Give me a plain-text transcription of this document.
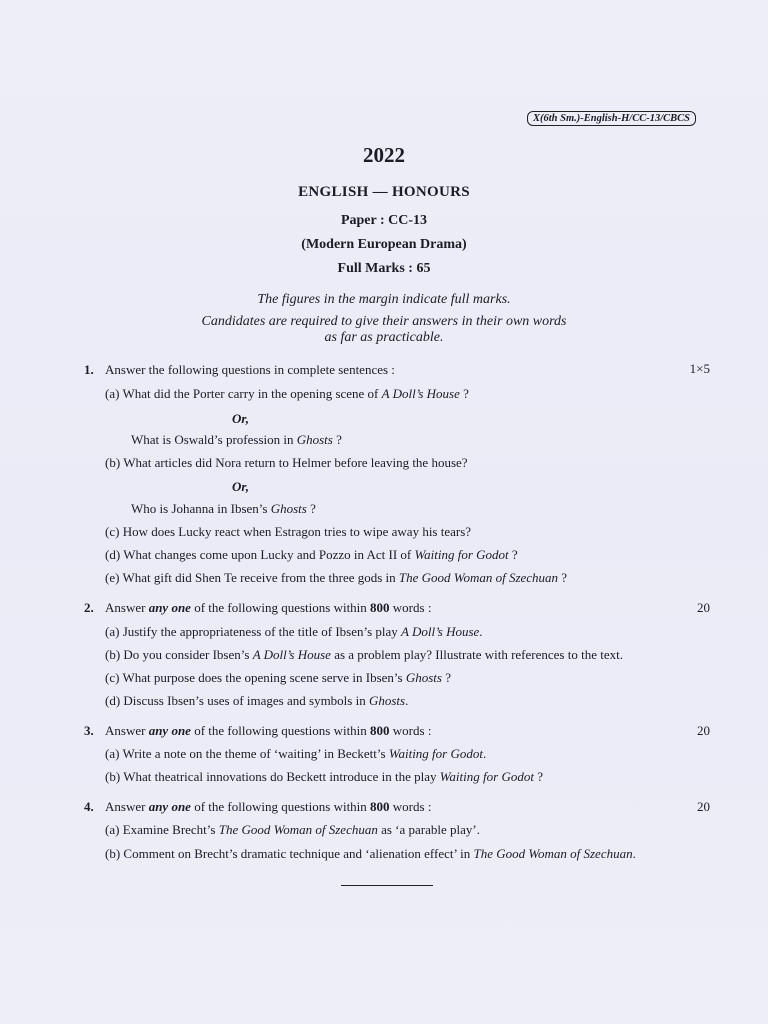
X(6th Sm.)-English-H/CC-13/CBCS
2022
ENGLISH — HONOURS
Paper : CC-13
(Modern European Drama)
Full Marks : 65
The figures in the margin indicate full marks.
Candidates are required to give their answers in their own words
as far as practicable.
1. Answer the following questions in complete sentences :	1×5
(a) What did the Porter carry in the opening scene of A Doll’s House ?
Or,
What is Oswald’s profession in Ghosts ?
(b) What articles did Nora return to Helmer before leaving the house?
Or,
Who is Johanna in Ibsen’s Ghosts ?
(c) How does Lucky react when Estragon tries to wipe away his tears?
(d) What changes come upon Lucky and Pozzo in Act II of Waiting for Godot ?
(e) What gift did Shen Te receive from the three gods in The Good Woman of Szechuan ?
2. Answer any one of the following questions within 800 words :	20
(a) Justify the appropriateness of the title of Ibsen’s play A Doll’s House.
(b) Do you consider Ibsen’s A Doll’s House as a problem play? Illustrate with references to the text.
(c) What purpose does the opening scene serve in Ibsen’s Ghosts ?
(d) Discuss Ibsen’s uses of images and symbols in Ghosts.
3. Answer any one of the following questions within 800 words :	20
(a) Write a note on the theme of ‘waiting’ in Beckett’s Waiting for Godot.
(b) What theatrical innovations do Beckett introduce in the play Waiting for Godot ?
4. Answer any one of the following questions within 800 words :	20
(a) Examine Brecht’s The Good Woman of Szechuan as ‘a parable play’.
(b) Comment on Brecht’s dramatic technique and ‘alienation effect’ in The Good Woman of Szechuan.
